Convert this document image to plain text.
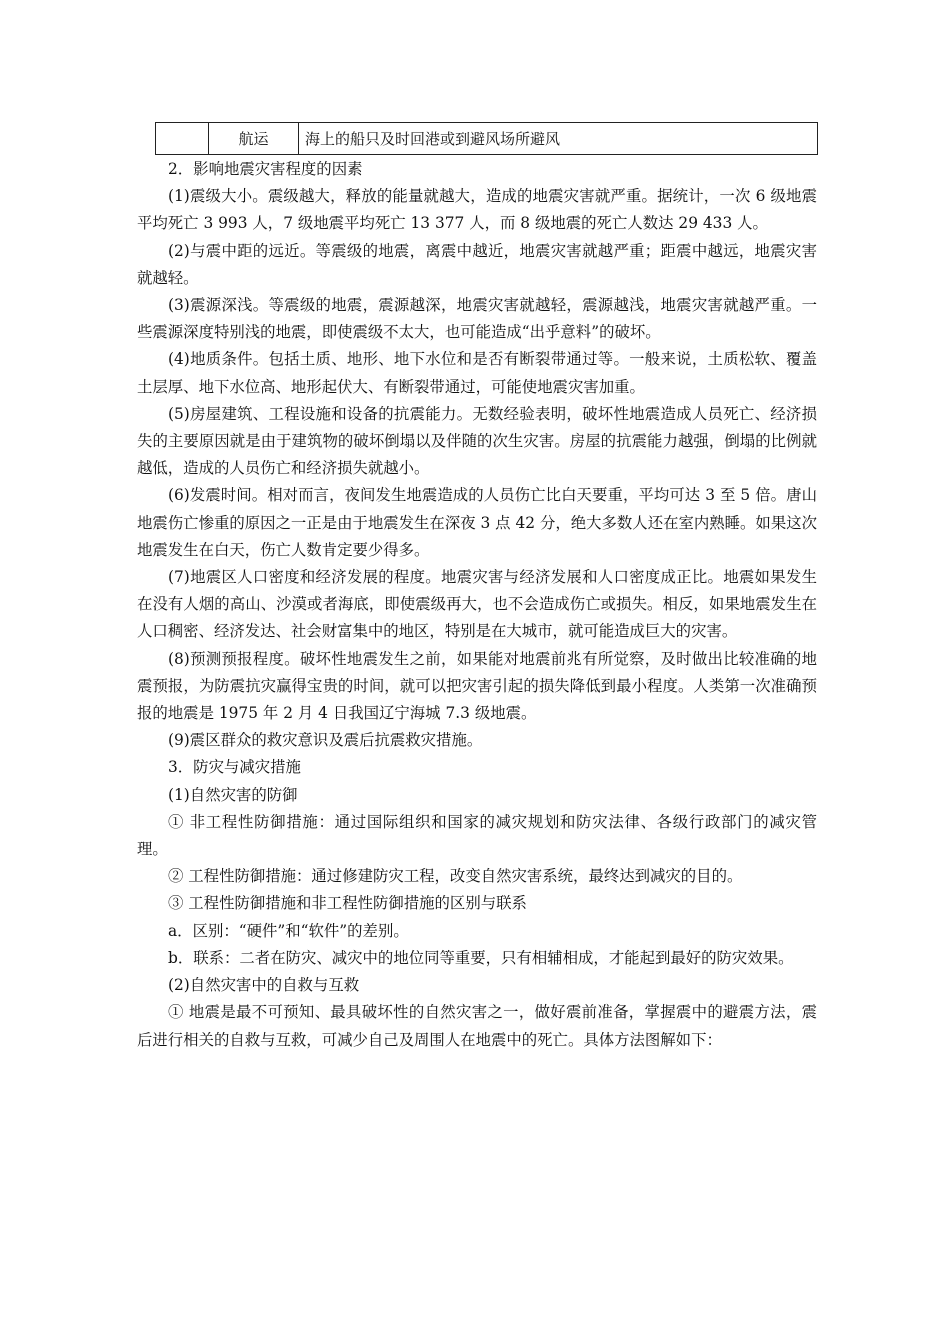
	航运	海上的船只及时回港或到避风场所避风

2．影响地震灾害程度的因素

(1)震级大小。震级越大，释放的能量就越大，造成的地震灾害就严重。据统计，一次 6 级地震平均死亡 3 993 人，7 级地震平均死亡 13 377 人，而 8 级地震的死亡人数达 29 433 人。

(2)与震中距的远近。等震级的地震，离震中越近，地震灾害就越严重；距震中越远，地震灾害就越轻。

(3)震源深浅。等震级的地震，震源越深，地震灾害就越轻，震源越浅，地震灾害就越严重。一些震源深度特别浅的地震，即使震级不太大，也可能造成“出乎意料”的破坏。

(4)地质条件。包括土质、地形、地下水位和是否有断裂带通过等。一般来说，土质松软、覆盖土层厚、地下水位高、地形起伏大、有断裂带通过，可能使地震灾害加重。

(5)房屋建筑、工程设施和设备的抗震能力。无数经验表明，破坏性地震造成人员死亡、经济损失的主要原因就是由于建筑物的破坏倒塌以及伴随的次生灾害。房屋的抗震能力越强，倒塌的比例就越低，造成的人员伤亡和经济损失就越小。

(6)发震时间。相对而言，夜间发生地震造成的人员伤亡比白天要重，平均可达 3 至 5 倍。唐山地震伤亡惨重的原因之一正是由于地震发生在深夜 3 点 42 分，绝大多数人还在室内熟睡。如果这次地震发生在白天，伤亡人数肯定要少得多。

(7)地震区人口密度和经济发展的程度。地震灾害与经济发展和人口密度成正比。地震如果发生在没有人烟的高山、沙漠或者海底，即使震级再大，也不会造成伤亡或损失。相反，如果地震发生在人口稠密、经济发达、社会财富集中的地区，特别是在大城市，就可能造成巨大的灾害。

(8)预测预报程度。破坏性地震发生之前，如果能对地震前兆有所觉察，及时做出比较准确的地震预报，为防震抗灾赢得宝贵的时间，就可以把灾害引起的损失降低到最小程度。人类第一次准确预报的地震是 1975 年 2 月 4 日我国辽宁海城 7.3 级地震。

(9)震区群众的救灾意识及震后抗震救灾措施。

3．防灾与减灾措施

(1)自然灾害的防御

① 非工程性防御措施：通过国际组织和国家的减灾规划和防灾法律、各级行政部门的减灾管理。

② 工程性防御措施：通过修建防灾工程，改变自然灾害系统，最终达到减灾的目的。

③ 工程性防御措施和非工程性防御措施的区别与联系

a．区别：“硬件”和“软件”的差别。

b．联系：二者在防灾、减灾中的地位同等重要，只有相辅相成，才能起到最好的防灾效果。

(2)自然灾害中的自救与互救

① 地震是最不可预知、最具破坏性的自然灾害之一，做好震前准备，掌握震中的避震方法，震后进行相关的自救与互救，可减少自己及周围人在地震中的死亡。具体方法图解如下：
